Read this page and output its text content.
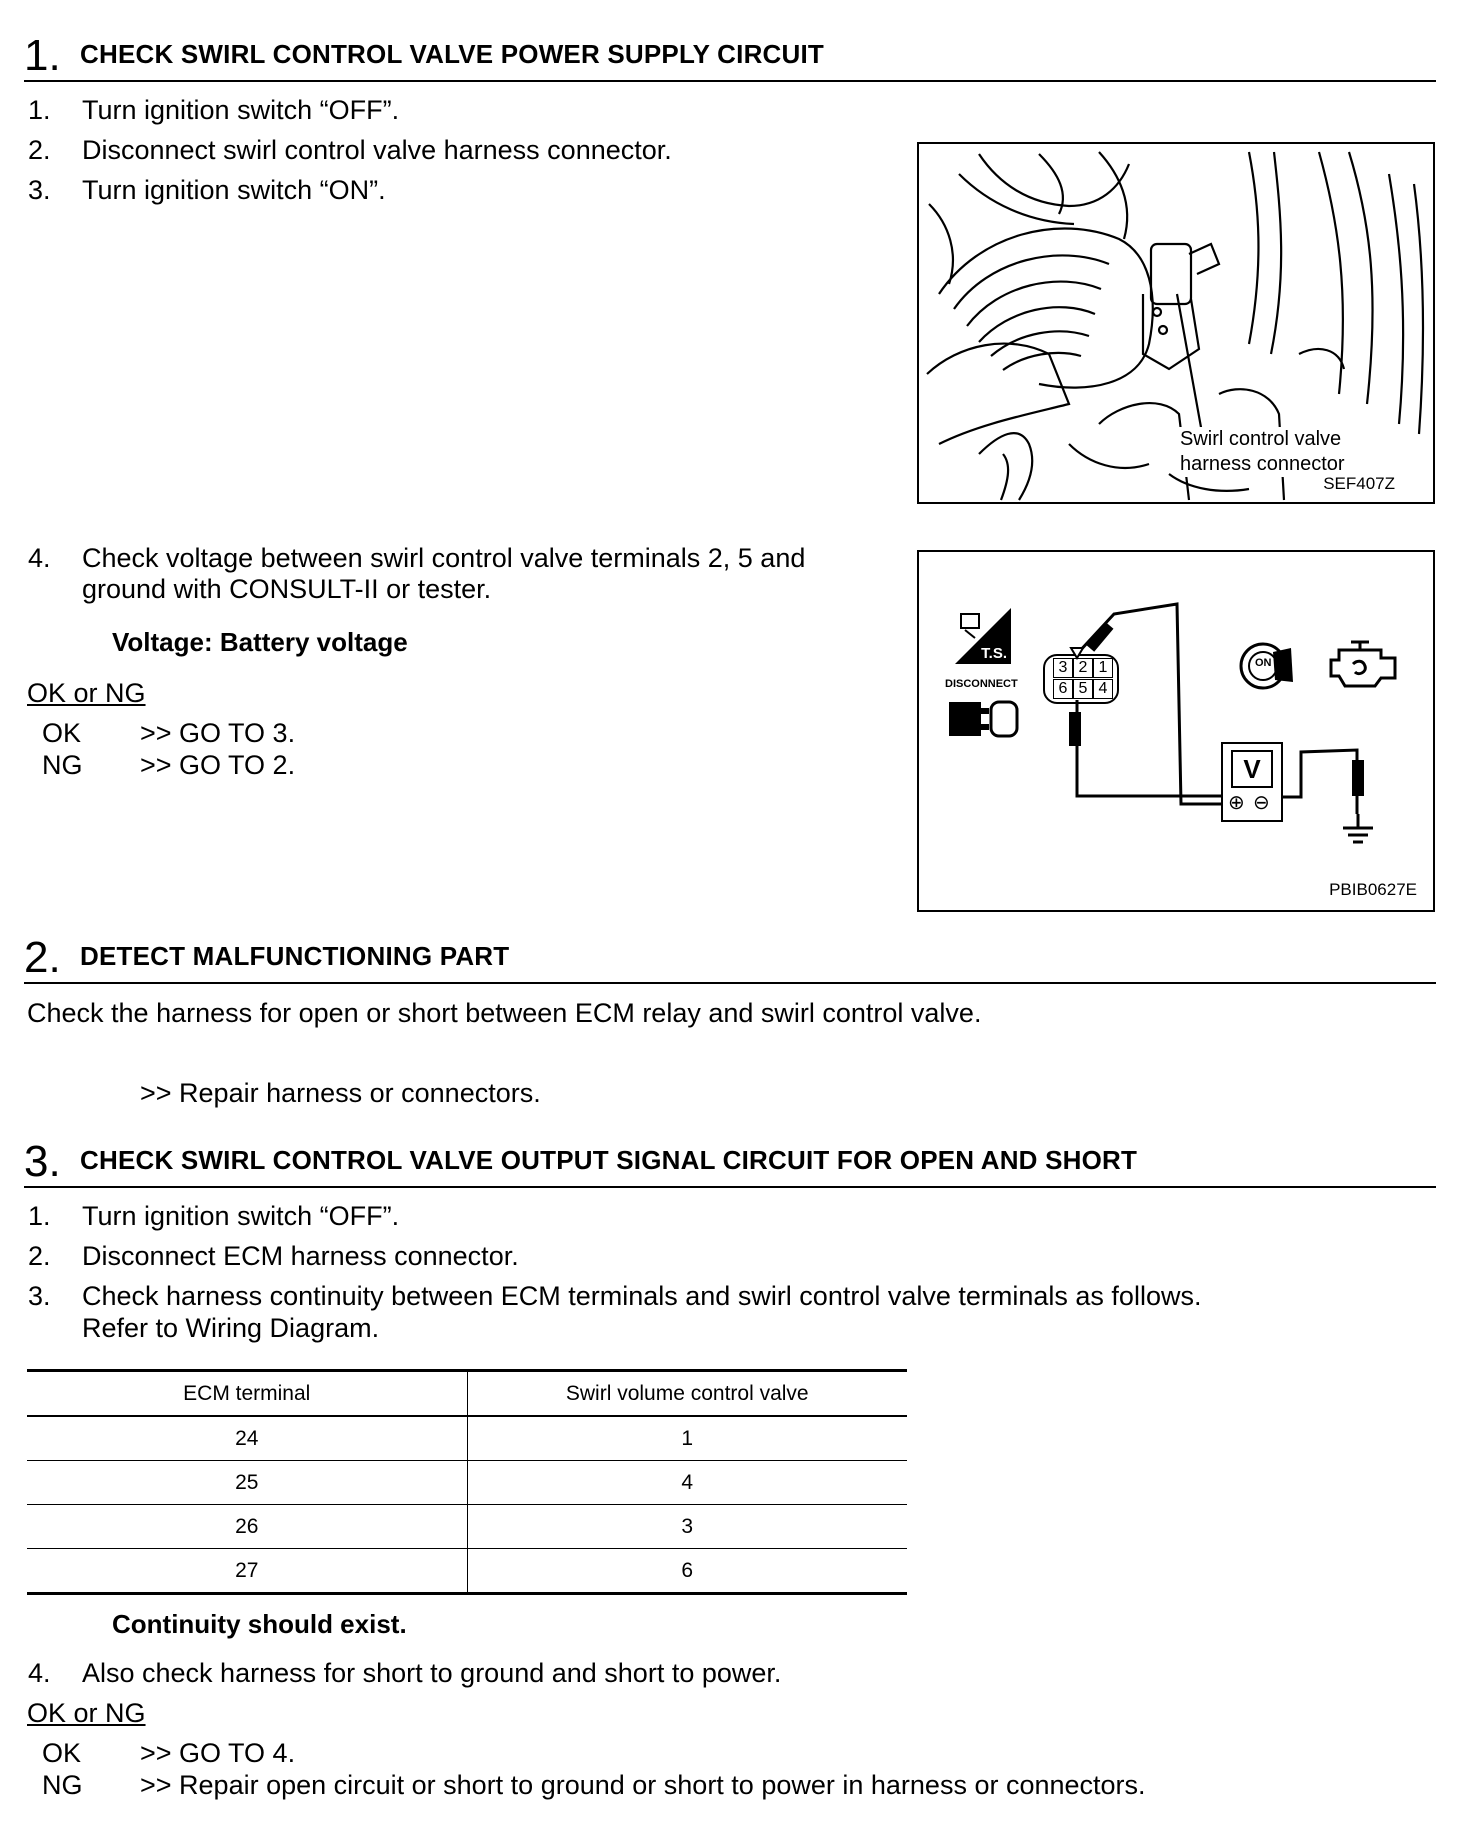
1. CHECK SWIRL CONTROL VALVE POWER SUPPLY CIRCUIT
1. Turn ignition switch “OFF”.
2. Disconnect swirl control valve harness connector.
3. Turn ignition switch “ON”.
Swirl control valve
harness connector
SEF407Z
4. Check voltage between swirl control valve terminals 2, 5 and
ground with CONSULT-II or tester.
Voltage: Battery voltage
OK or NG
OK >> GO TO 3.
NG >> GO TO 2.
T.S.
DISCONNECT
3 2 1
6 5 4
V
⊕ ⊖
ON
PBIB0627E
2. DETECT MALFUNCTIONING PART
Check the harness for open or short between ECM relay and swirl control valve.
>> Repair harness or connectors.
3. CHECK SWIRL CONTROL VALVE OUTPUT SIGNAL CIRCUIT FOR OPEN AND SHORT
1. Turn ignition switch “OFF”.
2. Disconnect ECM harness connector.
3. Check harness continuity between ECM terminals and swirl control valve terminals as follows.
Refer to Wiring Diagram.
ECM terminal	Swirl volume control valve
24	1
25	4
26	3
27	6
Continuity should exist.
4. Also check harness for short to ground and short to power.
OK or NG
OK >> GO TO 4.
NG >> Repair open circuit or short to ground or short to power in harness or connectors.
